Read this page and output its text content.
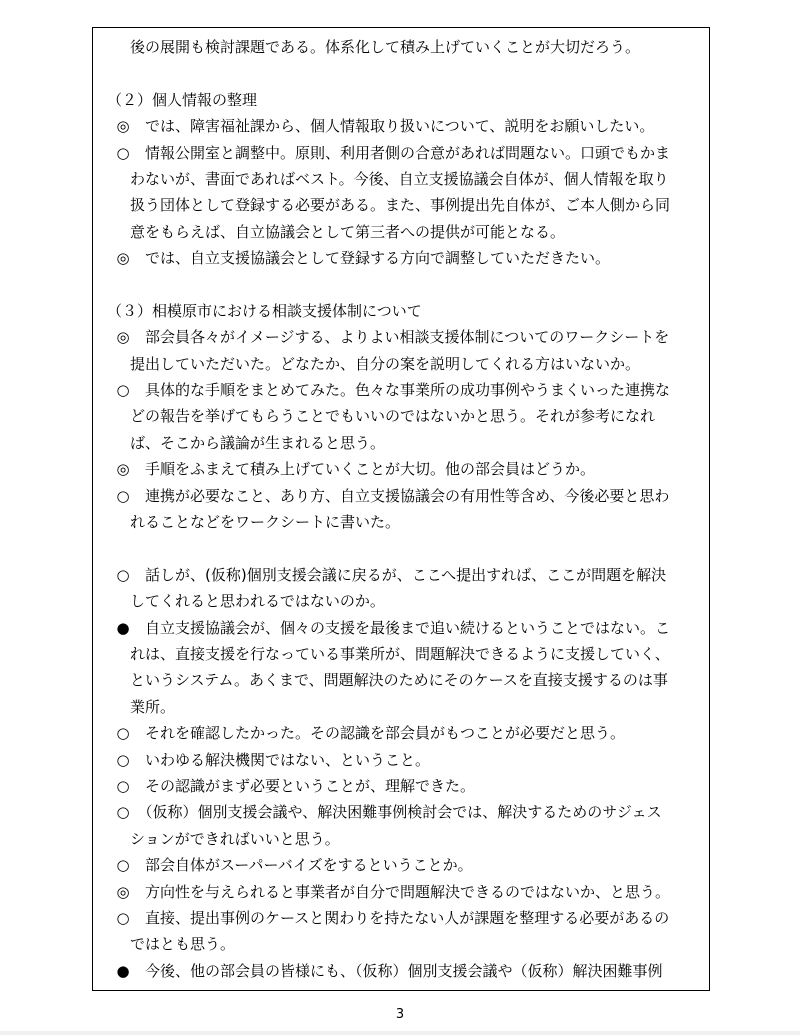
後の展開も検討課題である。体系化して積み上げていくことが大切だろう。
（２）個人情報の整理
◎ 　では、障害福祉課から、個人情報取り扱いについて、説明をお願いしたい。
○ 　情報公開室と調整中。原則、利用者側の合意があれば問題ない。口頭でもかま
わないが、書面であればベスト。今後、自立支援協議会自体が、個人情報を取り
扱う団体として登録する必要がある。また、事例提出先自体が、ご本人側から同
意をもらえば、自立協議会として第三者への提供が可能となる。
◎ 　では、自立支援協議会として登録する方向で調整していただきたい。
（３）相模原市における相談支援体制について
◎ 　部会員各々がイメージする、よりよい相談支援体制についてのワークシートを
提出していただいた。どなたか、自分の案を説明してくれる方はいないか。
○ 　具体的な手順をまとめてみた。色々な事業所の成功事例やうまくいった連携な
どの報告を挙げてもらうことでもいいのではないかと思う。それが参考になれ
ば、そこから議論が生まれると思う。
◎ 　手順をふまえて積み上げていくことが大切。他の部会員はどうか。
○ 　連携が必要なこと、あり方、自立支援協議会の有用性等含め、今後必要と思わ
れることなどをワークシートに書いた。
○ 　話しが、(仮称)個別支援会議に戻るが、ここへ提出すれば、ここが問題を解決
してくれると思われるではないのか。
● 　自立支援協議会が、個々の支援を最後まで追い続けるということではない。こ
れは、直接支援を行なっている事業所が、問題解決できるように支援していく、
というシステム。あくまで、問題解決のためにそのケースを直接支援するのは事
業所。
○ 　それを確認したかった。その認識を部会員がもつことが必要だと思う。
○ 　いわゆる解決機関ではない、ということ。
○ 　その認識がまず必要ということが、理解できた。
○ 　（仮称）個別支援会議や、解決困難事例検討会では、解決するためのサジェス
ションができればいいと思う。
○ 　部会自体がスーパーバイズをするということか。
◎ 　方向性を与えられると事業者が自分で問題解決できるのではないか、と思う。
○ 　直接、提出事例のケースと関わりを持たない人が課題を整理する必要があるの
ではとも思う。
● 　今後、他の部会員の皆様にも、（仮称）個別支援会議や（仮称）解決困難事例
3
